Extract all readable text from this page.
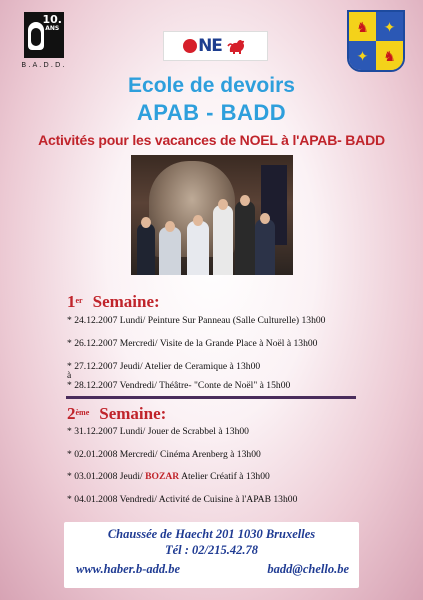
10.
ANS
B.A.D.D.
NE
♞ ✦
✦ ♞
Ecole de devoirs
APAB - BADD
Activités pour les vacances de NOEL à l'APAB- BADD
1er Semaine:
* 24.12.2007 Lundi/ Peinture Sur Panneau (Salle Culturelle) 13h00
* 26.12.2007 Mercredi/ Visite de la Grande Place à Noël à 13h00
* 27.12.2007 Jeudi/ Atelier de Ceramique à 13h00
à
* 28.12.2007 Vendredi/ Théâtre- "Conte de Noël" à 15h00
2ème Semaine:
* 31.12.2007 Lundi/ Jouer de Scrabbel à 13h00
* 02.01.2008 Mercredi/ Cinéma Arenberg à 13h00
* 03.01.2008 Jeudi/ BOZAR Atelier Créatif à 13h00
* 04.01.2008 Vendredi/ Activité de Cuisine à l'APAB 13h00
Chaussée de Haecht 201 1030 Bruxelles
Tél : 02/215.42.78
www.haber.b-add.be	badd@chello.be
